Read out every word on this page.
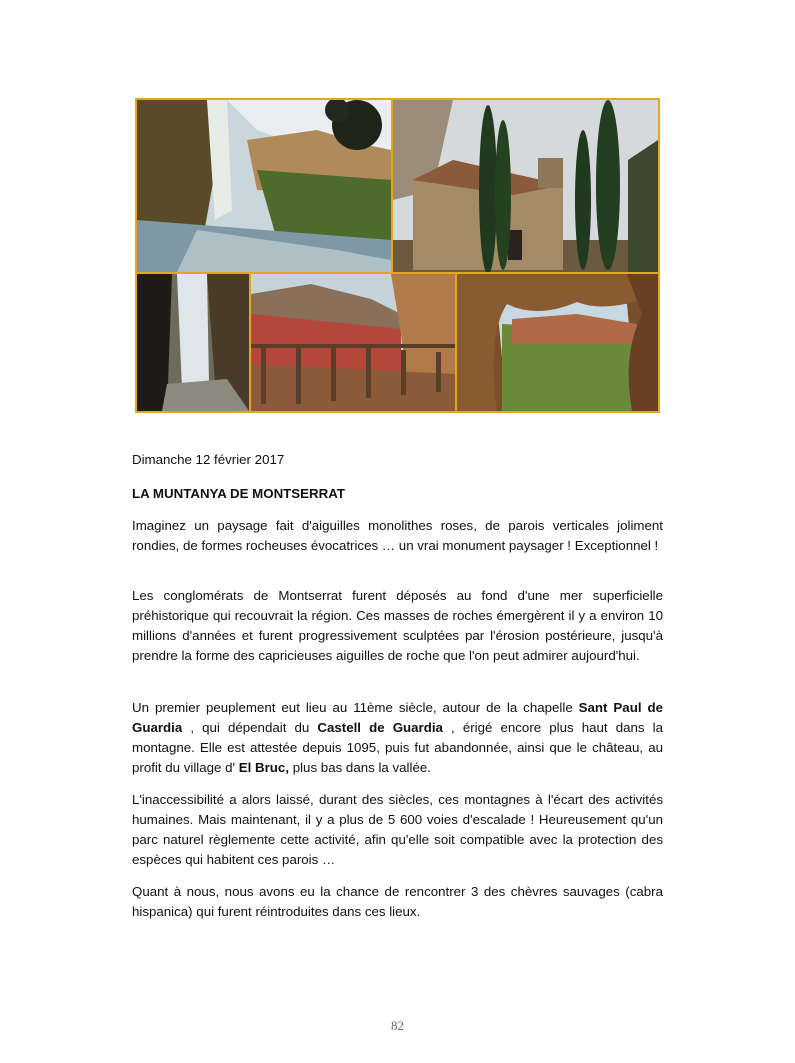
Dimanche 12 février 2017
LA MUNTANYA DE MONTSERRAT
Imaginez un paysage fait d'aiguilles monolithes roses, de parois verticales joliment rondies, de formes rocheuses évocatrices … un vrai monument paysager ! Exceptionnel !
Les conglomérats de Montserrat furent déposés au fond d'une mer superficielle préhistorique qui recouvrait la région. Ces masses de roches émergèrent il y a environ 10 millions d'années et furent progressivement sculptées par l'érosion postérieure, jusqu'à prendre la forme des capricieuses aiguilles de roche que l'on peut admirer aujourd'hui.
Un premier peuplement eut lieu au 11ème siècle, autour de la chapelle Sant Paul de Guardia , qui dépendait du Castell de Guardia , érigé encore plus haut dans la montagne. Elle est attestée depuis 1095, puis fut abandonnée, ainsi que le château, au profit du village d' El Bruc, plus bas dans la vallée.
L'inaccessibilité a alors laissé, durant des siècles, ces montagnes à l'écart des activités humaines. Mais maintenant, il y a plus de 5 600 voies d'escalade ! Heureusement qu'un parc naturel règlemente cette activité, afin qu'elle soit compatible avec la protection des espèces qui habitent ces parois …
Quant à nous, nous avons eu la chance de rencontrer 3 des chèvres sauvages (cabra hispanica) qui furent réintroduites dans ces lieux.
82
